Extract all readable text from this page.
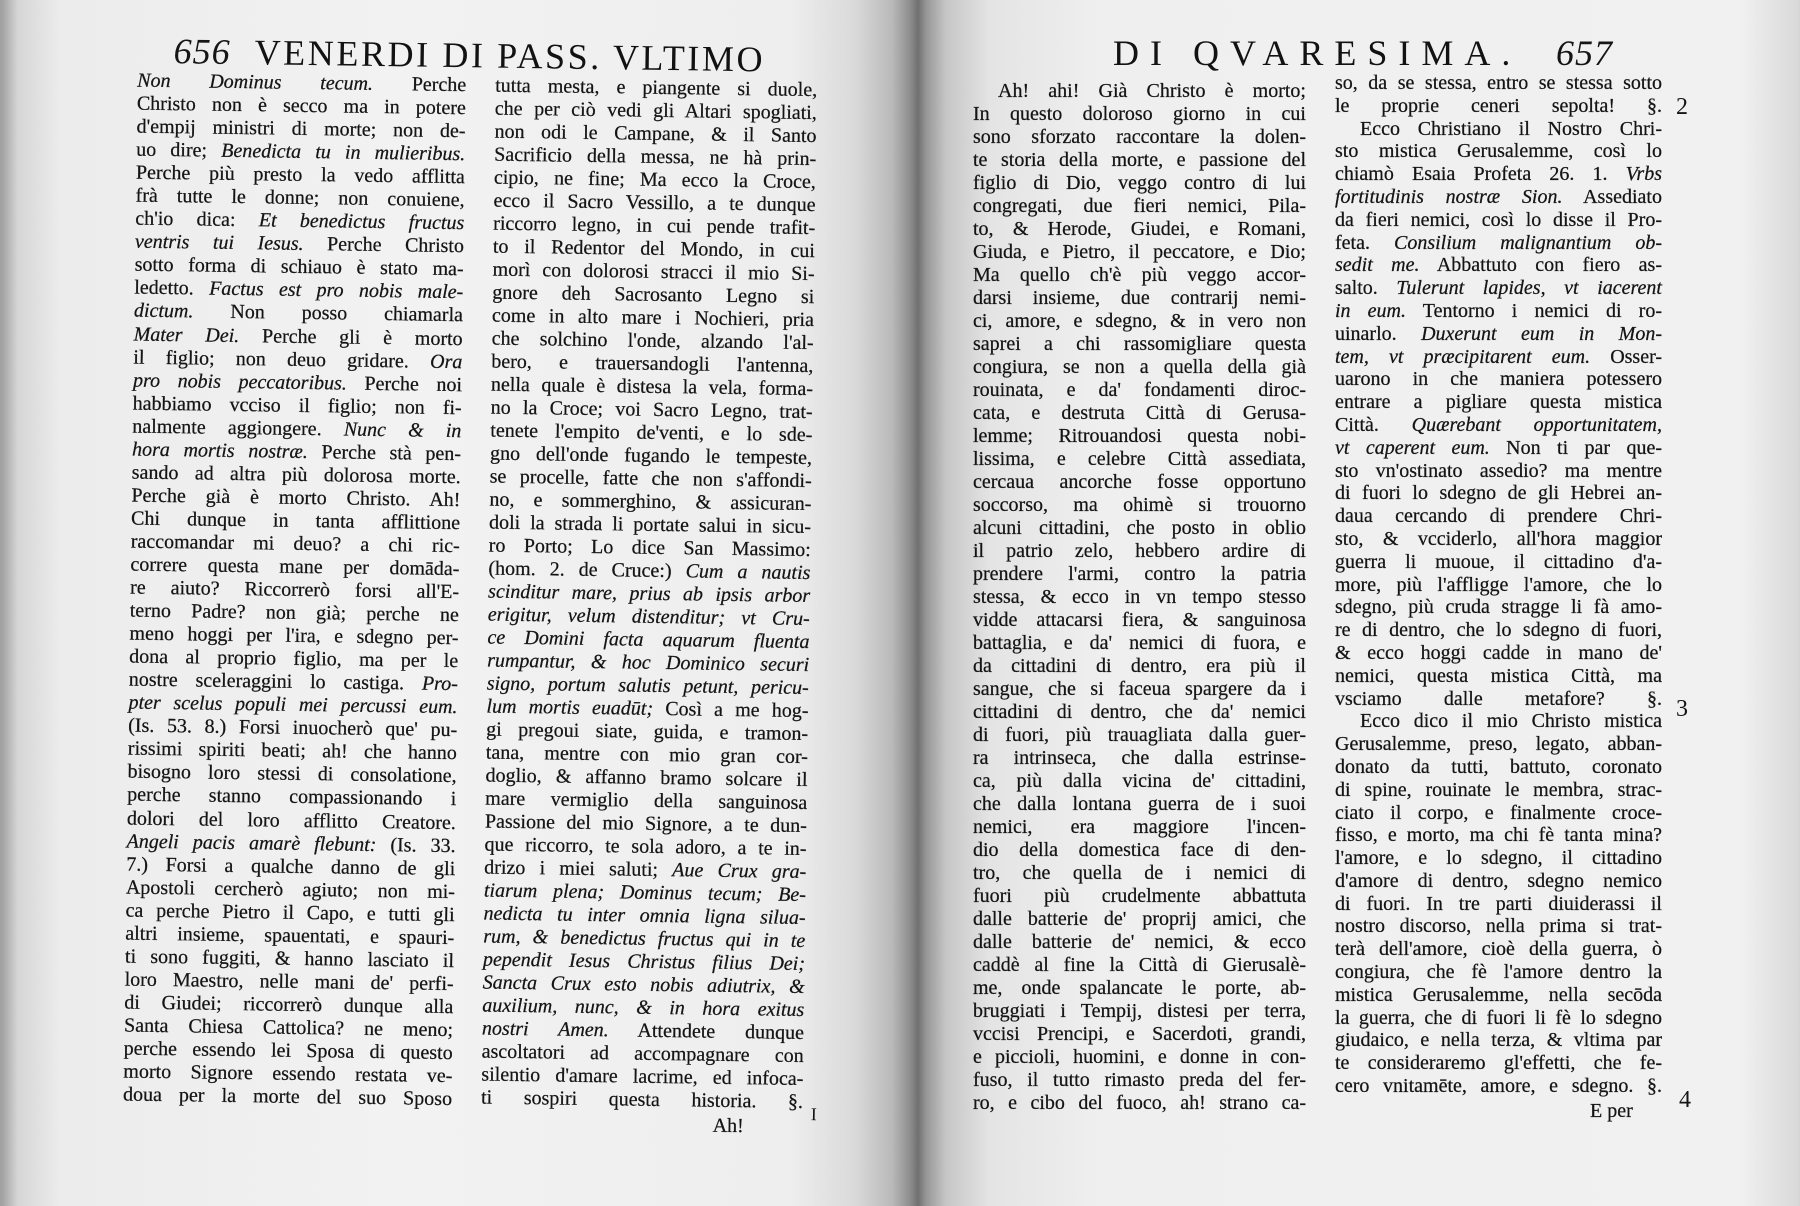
656 VENERDI DI PASS. VLTIMO
Non Dominus tecum. Perche
Christo non è secco ma in potere
d'empij ministri di morte; non de-
uo dire; Benedicta tu in mulieribus.
Perche più presto la vedo afflitta
frà tutte le donne; non conuiene,
ch'io dica: Et benedictus fructus
ventris tui Iesus. Perche Christo
sotto forma di schiauo è stato ma-
ledetto. Factus est pro nobis male-
dictum. Non posso chiamarla
Mater Dei. Perche gli è morto
il figlio; non deuo gridare. Ora
pro nobis peccatoribus. Perche noi
habbiamo vcciso il figlio; non fi-
nalmente aggiongere. Nunc & in
hora mortis nostræ. Perche stà pen-
sando ad altra più dolorosa morte.
Perche già è morto Christo. Ah!
Chi dunque in tanta afflittione
raccomandar mi deuo? a chi ric-
correre questa mane per domāda-
re aiuto? Riccorrerò forsi all'E-
terno Padre? non già; perche ne
meno hoggi per l'ira, e sdegno per-
dona al proprio figlio, ma per le
nostre sceleraggini lo castiga. Pro-
pter scelus populi mei percussi eum.
(Is. 53. 8.) Forsi inuocherò que' pu-
rissimi spiriti beati; ah! che hanno
bisogno loro stessi di consolatione,
perche stanno compassionando i
dolori del loro afflitto Creatore.
Angeli pacis amarè flebunt: (Is. 33.
7.) Forsi a qualche danno de gli
Apostoli cercherò agiuto; non mi-
ca perche Pietro il Capo, e tutti gli
altri insieme, spauentati, e spauri-
ti sono fuggiti, & hanno lasciato il
loro Maestro, nelle mani de' perfi-
di Giudei; riccorrerò dunque alla
Santa Chiesa Cattolica? ne meno;
perche essendo lei Sposa di questo
morto Signore essendo restata ve-
doua per la morte del suo Sposo
tutta mesta, e piangente si duole,
che per ciò vedi gli Altari spogliati,
non odi le Campane, & il Santo
Sacrificio della messa, ne hà prin-
cipio, ne fine; Ma ecco la Croce,
ecco il Sacro Vessillo, a te dunque
riccorro legno, in cui pende trafit-
to il Redentor del Mondo, in cui
morì con dolorosi stracci il mio Si-
gnore deh Sacrosanto Legno si
come in alto mare i Nochieri, pria
che solchino l'onde, alzando l'al-
bero, e trauersandogli l'antenna,
nella quale è distesa la vela, forma-
no la Croce; voi Sacro Legno, trat-
tenete l'empito de'venti, e lo sde-
gno dell'onde fugando le tempeste,
se procelle, fatte che non s'affondi-
no, e sommerghino, & assicuran-
doli la strada li portate salui in sicu-
ro Porto; Lo dice San Massimo:
(hom. 2. de Cruce:) Cum a nautis
scinditur mare, prius ab ipsis arbor
erigitur, velum distenditur; vt Cru-
ce Domini facta aquarum fluenta
rumpantur, & hoc Dominico securi
signo, portum salutis petunt, pericu-
lum mortis euadūt; Così a me hog-
gi pregoui siate, guida, e tramon-
tana, mentre con mio gran cor-
doglio, & affanno bramo solcare il
mare vermiglio della sanguinosa
Passione del mio Signore, a te dun-
que riccorro, te sola adoro, a te in-
drizo i miei saluti; Aue Crux gra-
tiarum plena; Dominus tecum; Be-
nedicta tu inter omnia ligna silua-
rum, & benedictus fructus qui in te
pependit Iesus Christus filius Dei;
Sancta Crux esto nobis adiutrix, &
auxilium, nunc, & in hora exitus
nostri Amen. Attendete dunque
ascoltatori ad accompagnare con
silentio d'amare lacrime, ed infoca-
ti sospiri questa historia. §.
Ah!
I
DI QVARESIMA. 657
Ah! ahi! Già Christo è morto;
In questo doloroso giorno in cui
sono sforzato raccontare la dolen-
te storia della morte, e passione del
figlio di Dio, veggo contro di lui
congregati, due fieri nemici, Pila-
to, & Herode, Giudei, e Romani,
Giuda, e Pietro, il peccatore, e Dio;
Ma quello ch'è più veggo accor-
darsi insieme, due contrarij nemi-
ci, amore, e sdegno, & in vero non
saprei a chi rassomigliare questa
congiura, se non a quella della già
rouinata, e da' fondamenti diroc-
cata, e destruta Città di Gerusa-
lemme; Ritrouandosi questa nobi-
lissima, e celebre Città assediata,
cercaua ancorche fosse opportuno
soccorso, ma ohimè si trouorno
alcuni cittadini, che posto in oblio
il patrio zelo, hebbero ardire di
prendere l'armi, contro la patria
stessa, & ecco in vn tempo stesso
vidde attacarsi fiera, & sanguinosa
battaglia, e da' nemici di fuora, e
da cittadini di dentro, era più il
sangue, che si faceua spargere da i
cittadini di dentro, che da' nemici
di fuori, più trauagliata dalla guer-
ra intrinseca, che dalla estrinse-
ca, più dalla vicina de' cittadini,
che dalla lontana guerra de i suoi
nemici, era maggiore l'incen-
dio della domestica face di den-
tro, che quella de i nemici di
fuori più crudelmente abbattuta
dalle batterie de' proprij amici, che
dalle batterie de' nemici, & ecco
caddè al fine la Città di Gierusalè-
me, onde spalancate le porte, ab-
bruggiati i Tempij, distesi per terra,
vccisi Prencipi, e Sacerdoti, grandi,
e piccioli, huomini, e donne in con-
fuso, il tutto rimasto preda del fer-
ro, e cibo del fuoco, ah! strano ca-
so, da se stessa, entro se stessa sotto
le proprie ceneri sepolta! §.
Ecco Christiano il Nostro Chri-
sto mistica Gerusalemme, così lo
chiamò Esaia Profeta 26. 1. Vrbs
fortitudinis nostræ Sion. Assediato
da fieri nemici, così lo disse il Pro-
feta. Consilium malignantium ob-
sedit me. Abbattuto con fiero as-
salto. Tulerunt lapides, vt iacerent
in eum. Tentorno i nemici di ro-
uinarlo. Duxerunt eum in Mon-
tem, vt præcipitarent eum. Osser-
uarono in che maniera potessero
entrare a pigliare questa mistica
Città. Quærebant opportunitatem,
vt caperent eum. Non ti par que-
sto vn'ostinato assedio? ma mentre
di fuori lo sdegno de gli Hebrei an-
daua cercando di prendere Chri-
sto, & vcciderlo, all'hora maggior
guerra li muoue, il cittadino d'a-
more, più l'affligge l'amore, che lo
sdegno, più cruda stragge li fà amo-
re di dentro, che lo sdegno di fuori,
& ecco hoggi cadde in mano de'
nemici, questa mistica Città, ma
vsciamo dalle metafore? §.
Ecco dico il mio Christo mistica
Gerusalemme, preso, legato, abban-
donato da tutti, battuto, coronato
di spine, rouinate le membra, strac-
ciato il corpo, e finalmente croce-
fisso, e morto, ma chi fè tanta mina?
l'amore, e lo sdegno, il cittadino
d'amore di dentro, sdegno nemico
di fuori. In tre parti diuiderassi il
nostro discorso, nella prima si trat-
terà dell'amore, cioè della guerra, ò
congiura, che fè l'amore dentro la
mistica Gerusalemme, nella secōda
la guerra, che di fuori li fè lo sdegno
giudaico, e nella terza, & vltima par
te consideraremo gl'effetti, che fe-
cero vnitamēte, amore, e sdegno. §.
E per
2
3
4
